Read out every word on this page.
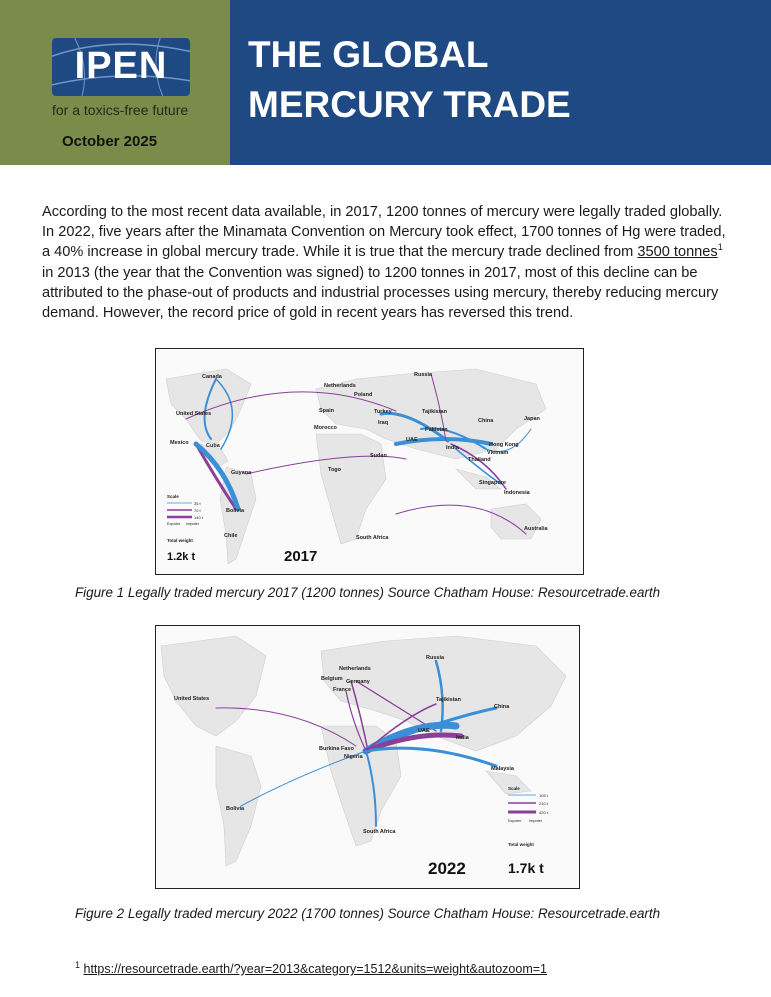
IPEN
for a toxics-free future
October 2025
THE GLOBAL
MERCURY TRADE
According to the most recent data available, in 2017, 1200 tonnes of mercury were legally traded globally. In 2022, five years after the Minamata Convention on Mercury took effect, 1700 tonnes of Hg were traded, a 40% increase in global mercury trade. While it is true that the mercury trade declined from 3500 tonnes$^1$ in 2013 (the year that the Convention was signed) to 1200 tonnes in 2017, most of this decline can be attributed to the phase-out of products and industrial processes using mercury, thereby reducing mercury demand. However, the record price of gold in recent years has reversed this trend.
Canada
United States
Mexico	Cuba
Guyana
Bolivia
Chile
Netherlands
Poland
Spain
Morocco
Togo
Russia
Turkey
Iraq
Tajikistan
Pakistan
UAE
Sudan
India
China	Japan
Hong Kong
Vietnam
Thailand
Singapore
Indonesia
South Africa
Australia
Scale
35 t
70 t
140 t
Exporter Importer
Total weight
1.2k t	2017
Figure 1 Legally traded mercury 2017 (1200 tonnes) Source Chatham House: Resourcetrade.earth
Russia
Netherlands
Belgium Germany
France
United States	Tajikistan
China
UAE
India
Burkina Faso
Nigeria
Malaysia
Bolivia
South Africa
Scale
105 t
210 t
420 t
Exporter Importer
Total weight
1.7k t
2022
Figure 2 Legally traded mercury 2022 (1700 tonnes) Source Chatham House: Resourcetrade.earth
$^1$ https://resourcetrade.earth/?year=2013&category=1512&units=weight&autozoom=1
